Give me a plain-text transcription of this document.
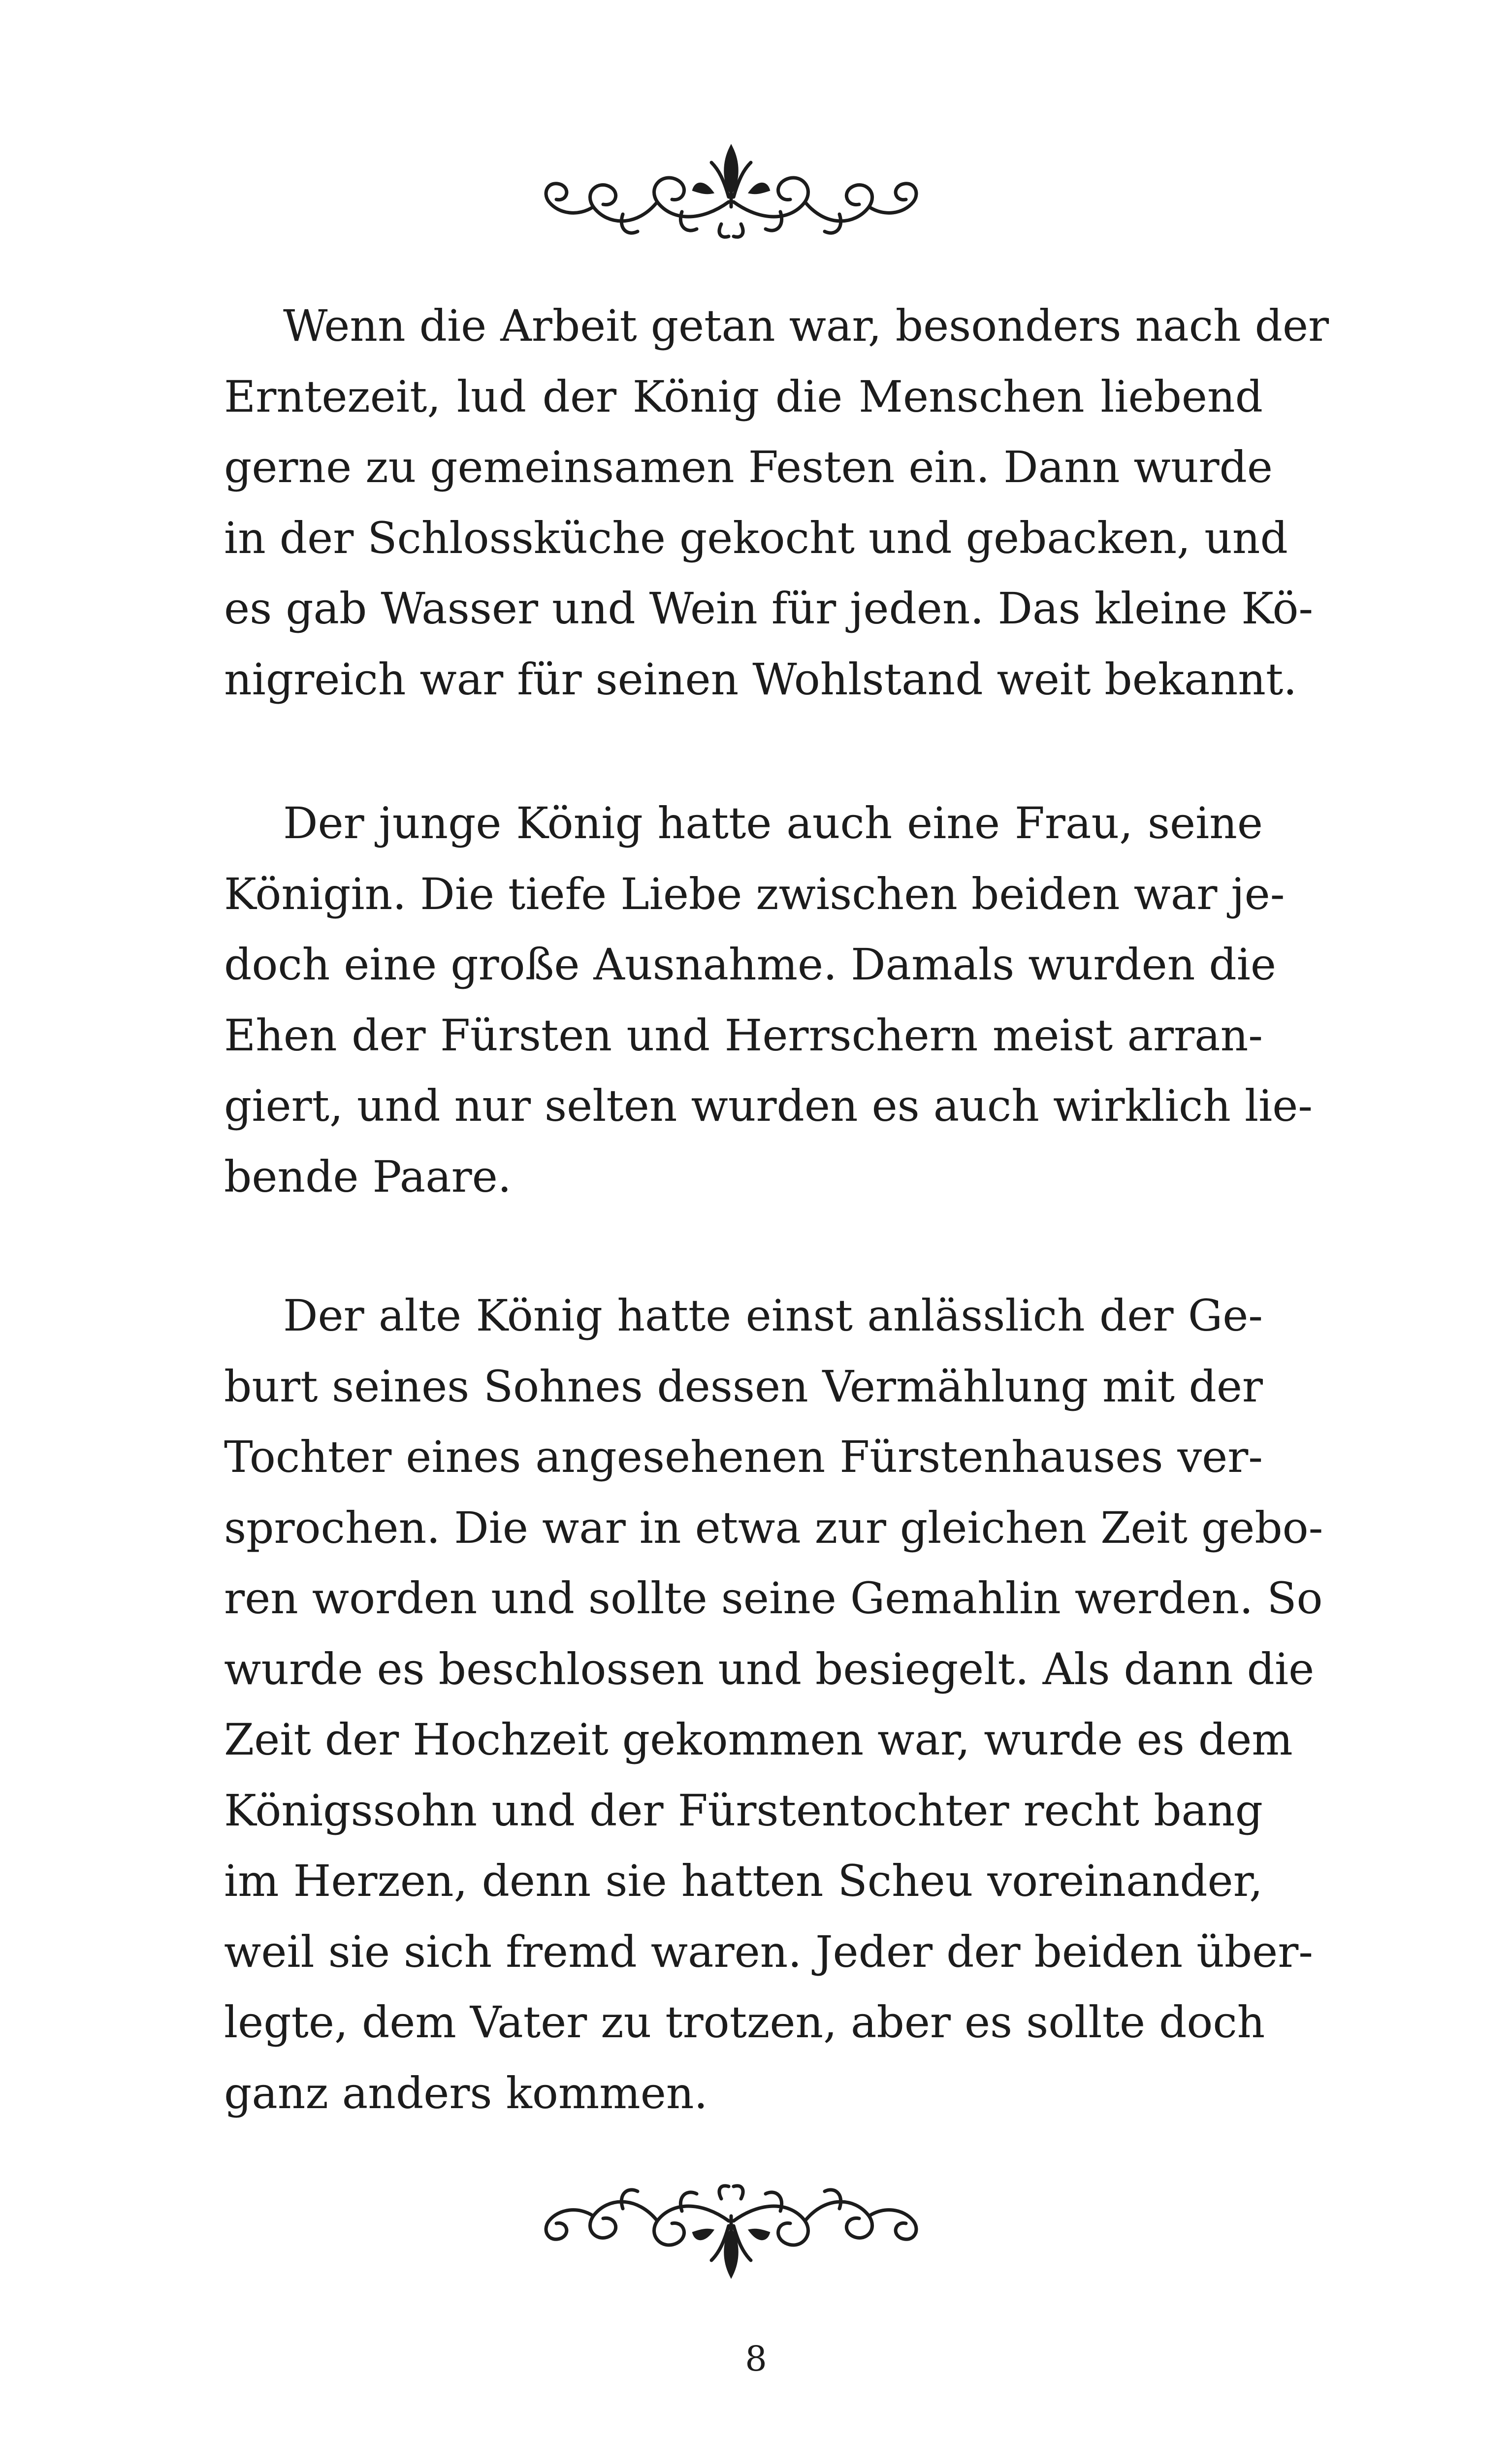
Wenn die Arbeit getan war, besonders nach der
Erntezeit, lud der König die Menschen liebend
gerne zu gemeinsamen Festen ein. Dann wurde
in der Schlossküche gekocht und gebacken, und
es gab Wasser und Wein für jeden. Das kleine Kö-
nigreich war für seinen Wohlstand weit bekannt.
Der junge König hatte auch eine Frau, seine
Königin. Die tiefe Liebe zwischen beiden war je-
doch eine große Ausnahme. Damals wurden die
Ehen der Fürsten und Herrschern meist arran-
giert, und nur selten wurden es auch wirklich lie-
bende Paare.
Der alte König hatte einst anlässlich der Ge-
burt seines Sohnes dessen Vermählung mit der
Tochter eines angesehenen Fürstenhauses ver-
sprochen. Die war in etwa zur gleichen Zeit gebo-
ren worden und sollte seine Gemahlin werden. So
wurde es beschlossen und besiegelt. Als dann die
Zeit der Hochzeit gekommen war, wurde es dem
Königssohn und der Fürstentochter recht bang
im Herzen, denn sie hatten Scheu voreinander,
weil sie sich fremd waren. Jeder der beiden über-
legte, dem Vater zu trotzen, aber es sollte doch
ganz anders kommen.
8
